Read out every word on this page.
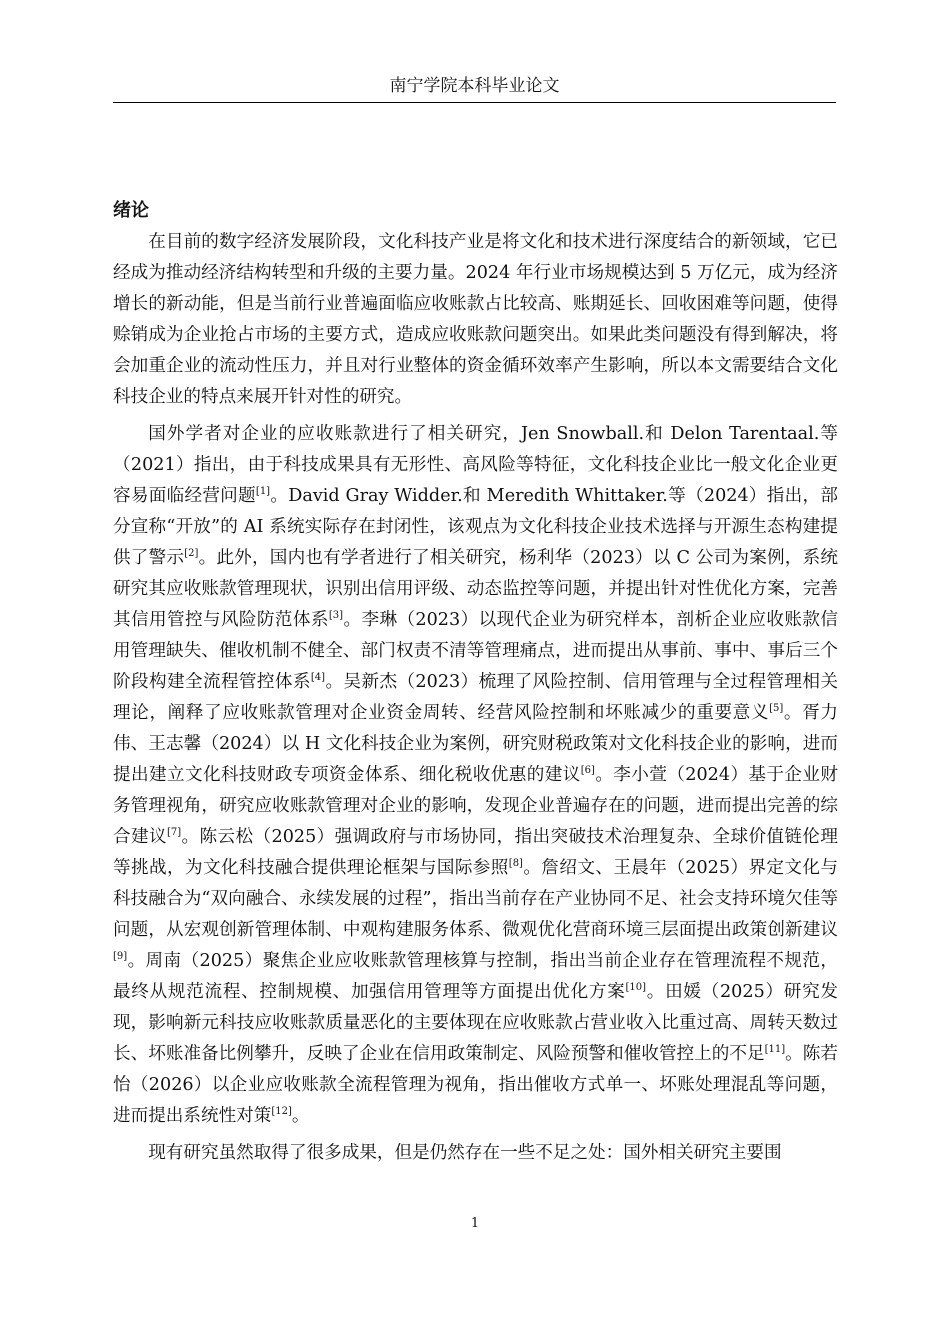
南宁学院本科毕业论文
绪论

在目前的数字经济发展阶段，文化科技产业是将文化和技术进行深度结合的新领域，它已经成为推动经济结构转型和升级的主要力量。2024 年行业市场规模达到 5 万亿元，成为经济增长的新动能，但是当前行业普遍面临应收账款占比较高、账期延长、回收困难等问题，使得赊销成为企业抢占市场的主要方式，造成应收账款问题突出。如果此类问题没有得到解决，将会加重企业的流动性压力，并且对行业整体的资金循环效率产生影响，所以本文需要结合文化科技企业的特点来展开针对性的研究。

国外学者对企业的应收账款进行了相关研究，Jen Snowball.和 Delon Tarentaal.等（2021）指出，由于科技成果具有无形性、高风险等特征，文化科技企业比一般文化企业更容易面临经营问题[1]。David Gray Widder.和 Meredith Whittaker.等（2024）指出，部分宣称“开放”的 AI 系统实际存在封闭性，该观点为文化科技企业技术选择与开源生态构建提供了警示[2]。此外，国内也有学者进行了相关研究，杨利华（2023）以 C 公司为案例，系统研究其应收账款管理现状，识别出信用评级、动态监控等问题，并提出针对性优化方案，完善其信用管控与风险防范体系[3]。李琳（2023）以现代企业为研究样本，剖析企业应收账款信用管理缺失、催收机制不健全、部门权责不清等管理痛点，进而提出从事前、事中、事后三个阶段构建全流程管控体系[4]。吴新杰（2023）梳理了风险控制、信用管理与全过程管理相关理论，阐释了应收账款管理对企业资金周转、经营风险控制和坏账减少的重要意义[5]。胥力伟、王志馨（2024）以 H 文化科技企业为案例，研究财税政策对文化科技企业的影响，进而提出建立文化科技财政专项资金体系、细化税收优惠的建议[6]。李小萱（2024）基于企业财务管理视角，研究应收账款管理对企业的影响，发现企业普遍存在的问题，进而提出完善的综合建议[7]。陈云松（2025）强调政府与市场协同，指出突破技术治理复杂、全球价值链伦理等挑战，为文化科技融合提供理论框架与国际参照[8]。詹绍文、王晨年（2025）界定文化与科技融合为“双向融合、永续发展的过程”，指出当前存在产业协同不足、社会支持环境欠佳等问题，从宏观创新管理体制、中观构建服务体系、微观优化营商环境三层面提出政策创新建议[9]。周南（2025）聚焦企业应收账款管理核算与控制，指出当前企业存在管理流程不规范，最终从规范流程、控制规模、加强信用管理等方面提出优化方案[10]。田媛（2025）研究发现，影响新元科技应收账款质量恶化的主要体现在应收账款占营业收入比重过高、周转天数过长、坏账准备比例攀升，反映了企业在信用政策制定、风险预警和催收管控上的不足[11]。陈若怡（2026）以企业应收账款全流程管理为视角，指出催收方式单一、坏账处理混乱等问题，进而提出系统性对策[12]。

现有研究虽然取得了很多成果，但是仍然存在一些不足之处：国外相关研究主要围

1
